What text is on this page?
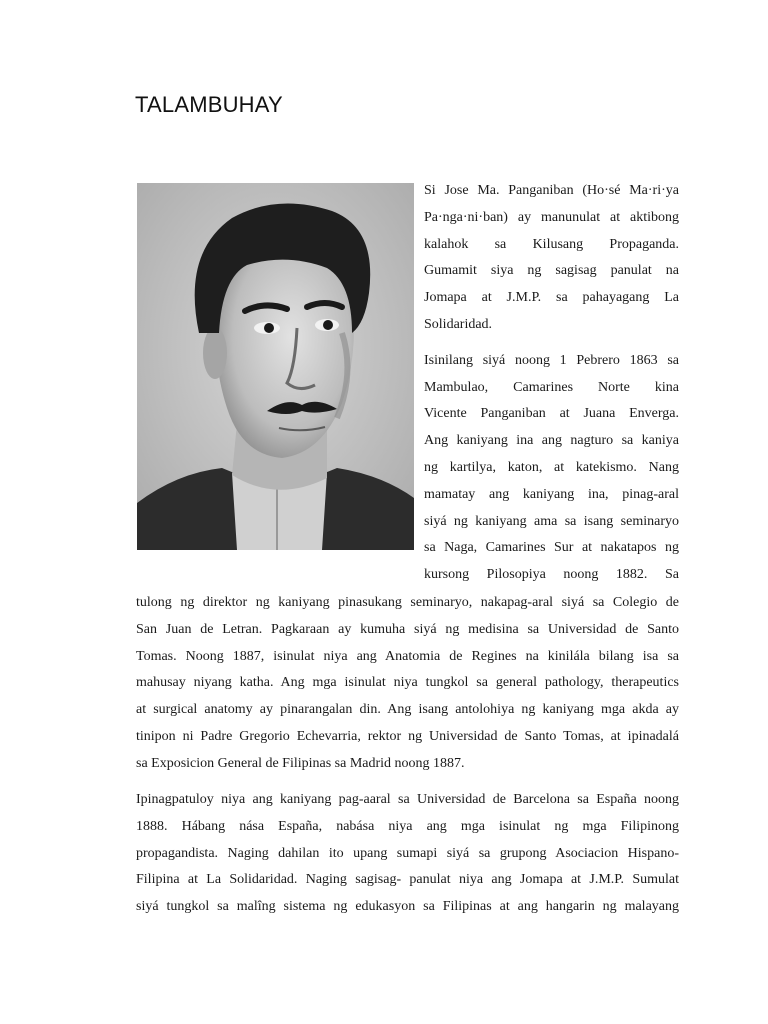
TALAMBUHAY

Si Jose Ma. Panganiban (Ho·sé Ma·ri·ya
Pa·nga·ni·ban) ay manunulat at aktibong
kalahok sa Kilusang Propaganda.
Gumamit siya ng sagisag panulat na
Jomapa at J.M.P. sa pahayagang La
Solidaridad.

Isinilang siyá noong 1 Pebrero 1863 sa
Mambulao, Camarines Norte kina
Vicente Panganiban at Juana Enverga.
Ang kaniyang ina ang nagturo sa kaniya
ng kartilya, katon, at katekismo. Nang
mamatay ang kaniyang ina, pinag-aral
siyá ng kaniyang ama sa isang seminaryo
sa Naga, Camarines Sur at nakatapos ng
kursong Pilosopiya noong 1882. Sa

tulong ng direktor ng kaniyang pinasukang seminaryo, nakapag-aral siyá sa Colegio de
San Juan de Letran. Pagkaraan ay kumuha siyá ng medisina sa Universidad de Santo
Tomas. Noong 1887, isinulat niya ang Anatomia de Regines na kinilála bilang isa sa
mahusay niyang katha. Ang mga isinulat niya tungkol sa general pathology, therapeutics
at surgical anatomy ay pinarangalan din. Ang isang antolohiya ng kaniyang mga akda ay
tinipon ni Padre Gregorio Echevarria, rektor ng Universidad de Santo Tomas, at ipinadalá
sa Exposicion General de Filipinas sa Madrid noong 1887.
Ipinagpatuloy niya ang kaniyang pag-aaral sa Universidad de Barcelona sa España noong
1888. Hábang nása España, nabása niya ang mga isinulat ng mga Filipinong
propagandista. Naging dahilan ito upang sumapi siyá sa grupong Asociacion Hispano-
Filipina at La Solidaridad. Naging sagisag- panulat niya ang Jomapa at J.M.P. Sumulat
siyá tungkol sa malîng sistema ng edukasyon sa Filipinas at ang hangarin ng malayang
